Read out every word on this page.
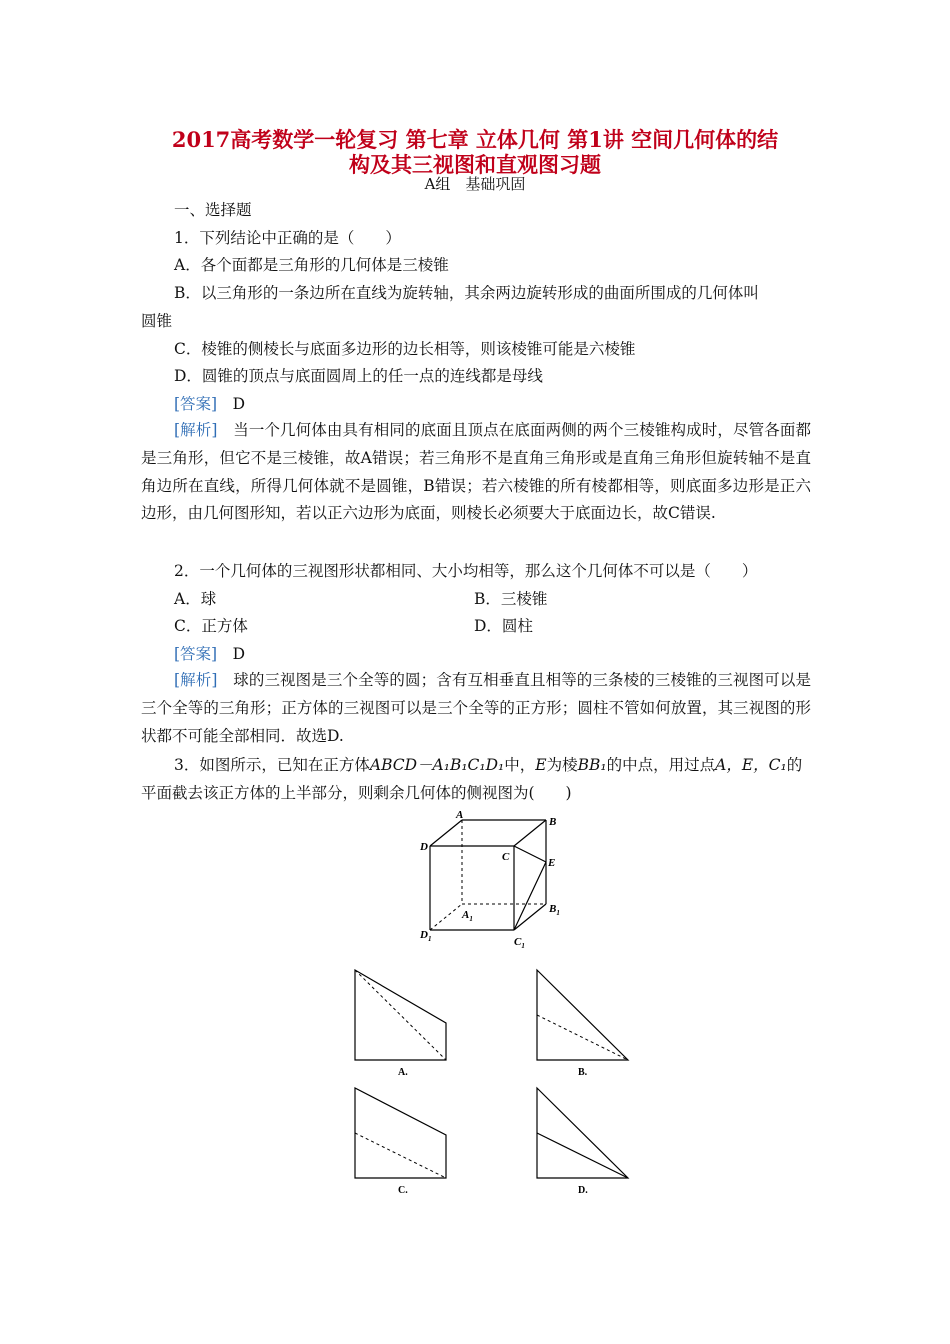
2017高考数学一轮复习 第七章 立体几何 第1讲 空间几何体的结
构及其三视图和直观图习题
A组　基础巩固
一、选择题
1．下列结论中正确的是（　　）
A．各个面都是三角形的几何体是三棱锥
B．以三角形的一条边所在直线为旋转轴，其余两边旋转形成的曲面所围成的几何体叫
圆锥
C．棱锥的侧棱长与底面多边形的边长相等，则该棱锥可能是六棱锥
D．圆锥的顶点与底面圆周上的任一点的连线都是母线
[答案]　 D

[解析]　 当一个几何体由具有相同的底面且顶点在底面两侧的两个三棱锥构成时，尽管各面都是三角形，但它不是三棱锥，故A错误；若三角形不是直角三角形或是直角三角形但旋转轴不是直角边所在直线，所得几何体就不是圆锥，B错误；若六棱锥的所有棱都相等，则底面多边形是正六边形，由几何图形知，若以正六边形为底面，则棱长必须要大于底面边长，故C错误.

2．一个几何体的三视图形状都相同、大小均相等，那么这个几何体不可以是（　　）
A．球	B．三棱锥
C．正方体	D．圆柱
[答案]　 D

[解析]　 球的三视图是三个全等的圆；含有互相垂直且相等的三条棱的三棱锥的三视图可以是三个全等的三角形；正方体的三视图可以是三个全等的正方形；圆柱不管如何放置，其三视图的形状都不可能全部相同．故选D.

3．如图所示，已知在正方体ABCD－A₁B₁C₁D₁中，E为棱BB₁的中点，用过点A，E，C₁的
平面截去该正方体的上半部分，则剩余几何体的侧视图为(　　)
A
B
C
D
E
$A_1$
$B_1$
$C_1$
$D_1$
A.	B.
C.	D.
